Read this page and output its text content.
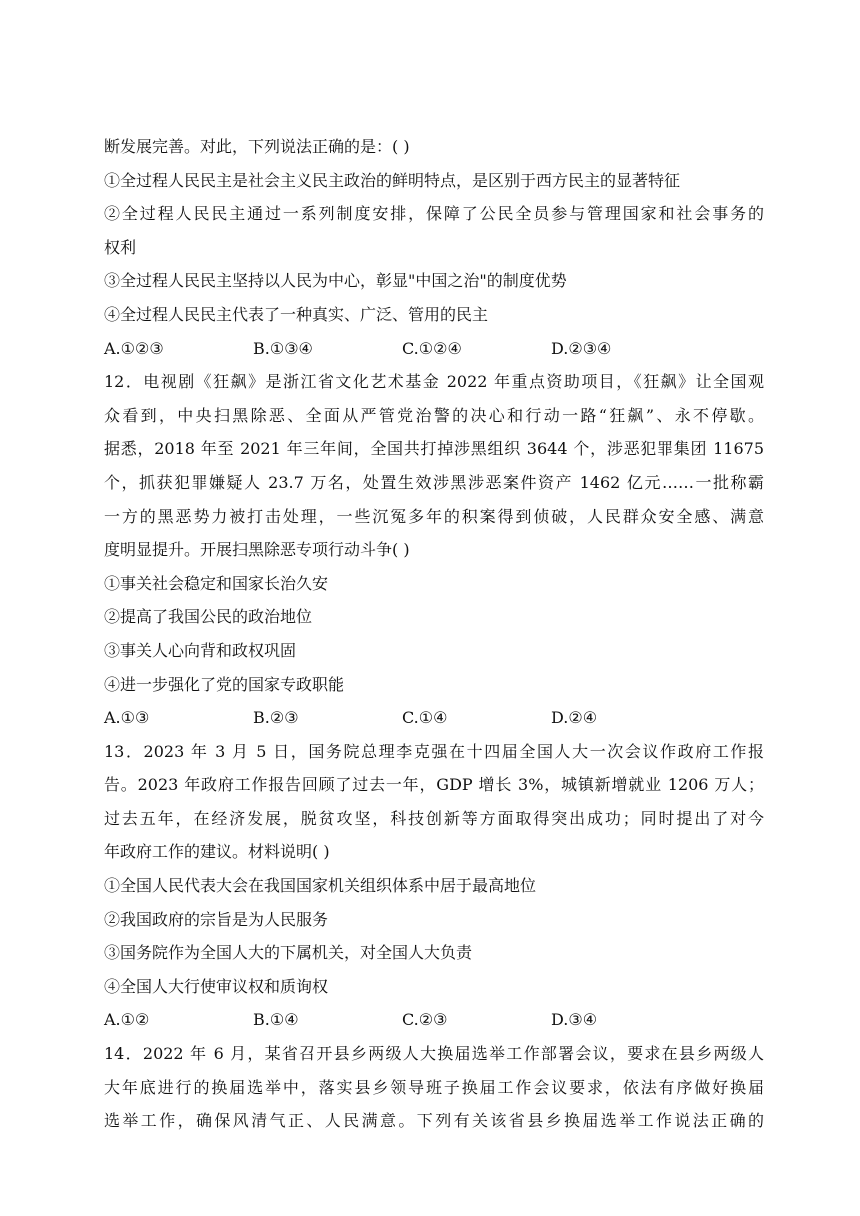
断发展完善。对此，下列说法正确的是：( )
①全过程人民民主是社会主义民主政治的鲜明特点，是区别于西方民主的显著特征
②全过程人民民主通过一系列制度安排，保障了公民全员参与管理国家和社会事务的
权利
③全过程人民民主坚持以人民为中心，彰显"中国之治"的制度优势
④全过程人民民主代表了一种真实、广泛、管用的民主
A.①②③	B.①③④	C.①②④	D.②③④
12．电视剧《狂飙》是浙江省文化艺术基金 2022 年重点资助项目，《狂飙》让全国观
众看到，中央扫黑除恶、全面从严管党治警的决心和行动一路“狂飙”、永不停歇。
据悉，2018 年至 2021 年三年间，全国共打掉涉黑组织 3644 个，涉恶犯罪集团 11675
个，抓获犯罪嫌疑人 23.7 万名，处置生效涉黑涉恶案件资产 1462 亿元……一批称霸
一方的黑恶势力被打击处理，一些沉冤多年的积案得到侦破，人民群众安全感、满意
度明显提升。开展扫黑除恶专项行动斗争( )
①事关社会稳定和国家长治久安
②提高了我国公民的政治地位
③事关人心向背和政权巩固
④进一步强化了党的国家专政职能
A.①③	B.②③	C.①④	D.②④
13．2023 年 3 月 5 日，国务院总理李克强在十四届全国人大一次会议作政府工作报
告。2023 年政府工作报告回顾了过去一年，GDP 增长 3%，城镇新增就业 1206 万人；
过去五年，在经济发展，脱贫攻坚，科技创新等方面取得突出成功；同时提出了对今
年政府工作的建议。材料说明( )
①全国人民代表大会在我国国家机关组织体系中居于最高地位
②我国政府的宗旨是为人民服务
③国务院作为全国人大的下属机关，对全国人大负责
④全国人大行使审议权和质询权
A.①②	B.①④	C.②③	D.③④
14．2022 年 6 月，某省召开县乡两级人大换届选举工作部署会议，要求在县乡两级人
大年底进行的换届选举中，落实县乡领导班子换届工作会议要求，依法有序做好换届
选举工作，确保风清气正、人民满意。下列有关该省县乡换届选举工作说法正确的
